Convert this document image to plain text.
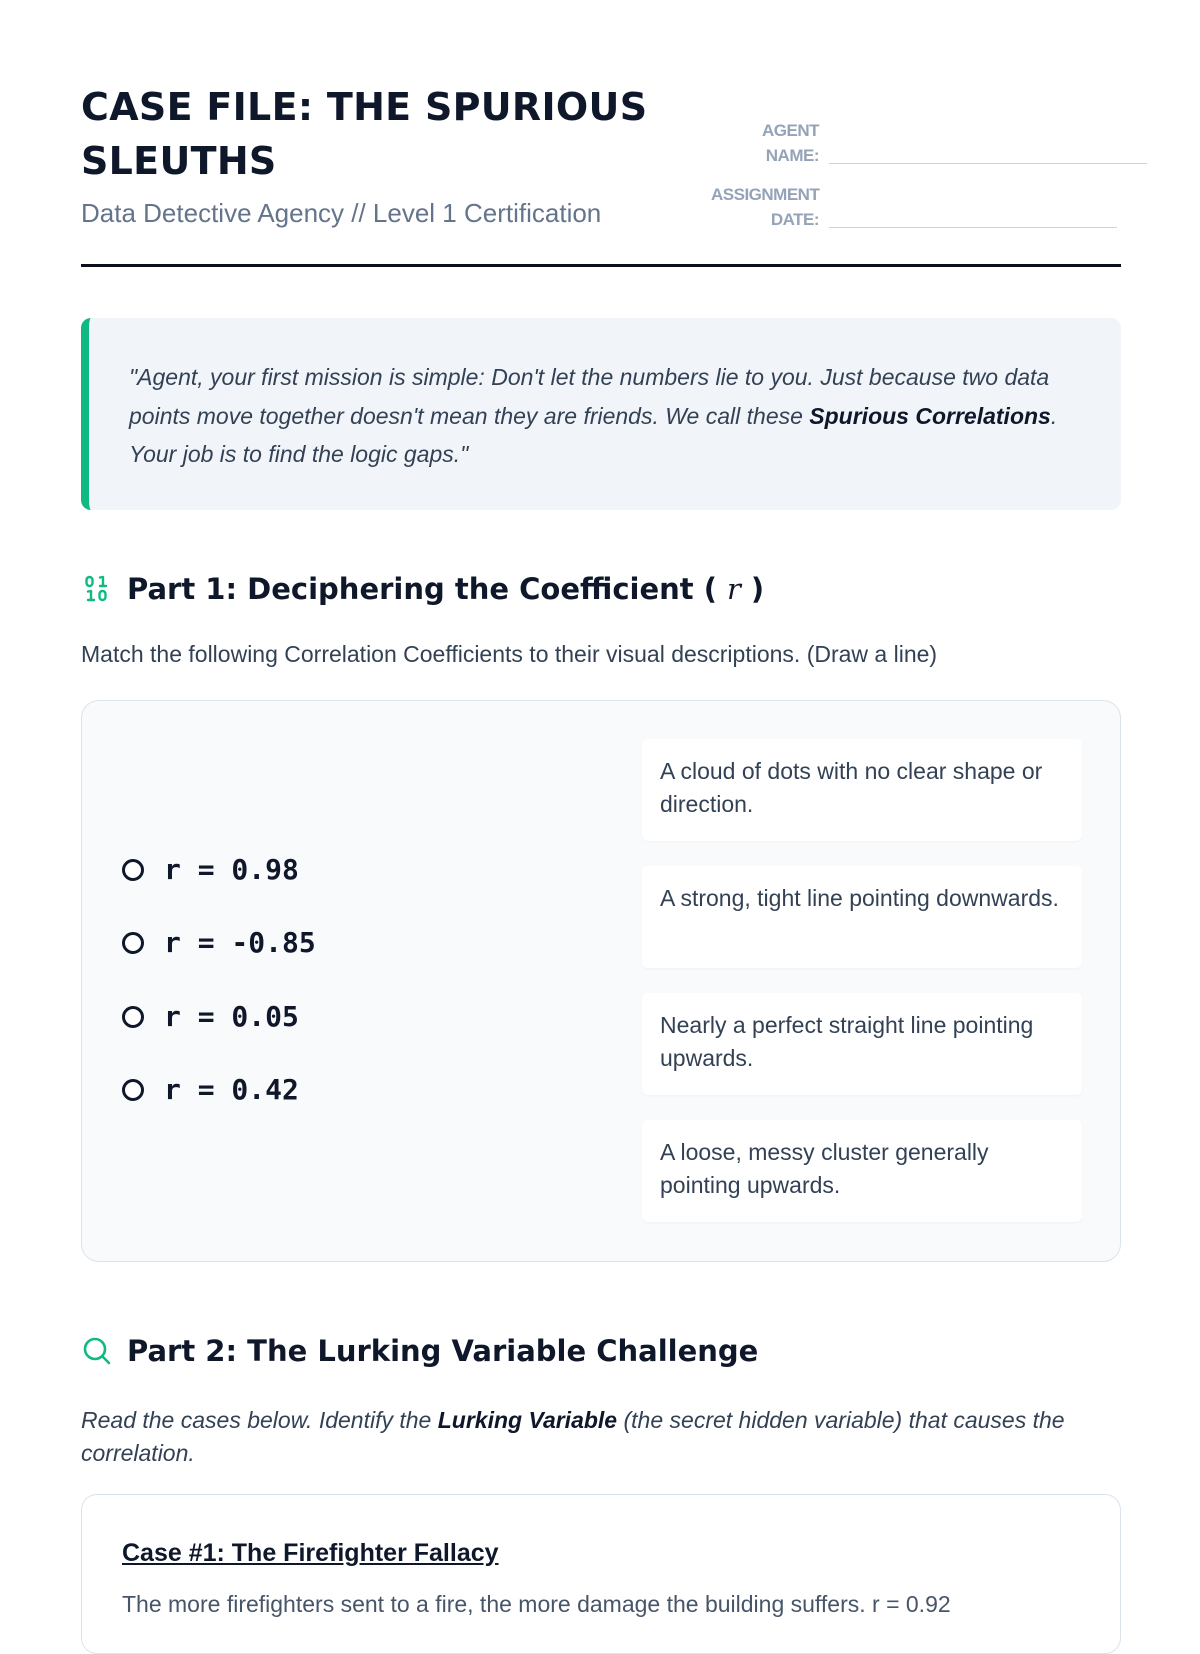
CASE FILE: THE SPURIOUS SLEUTHS

Data Detective Agency // Level 1 Certification

AGENT
NAME:
ASSIGNMENT
DATE:
"Agent, your first mission is simple: Don't let the numbers lie to you. Just because two data points move together doesn't mean they are friends. We call these Spurious Correlations. Your job is to find the logic gaps."
Part 1: Deciphering the Coefficient ( r )
Match the following Correlation Coefficients to their visual descriptions. (Draw a line)
r = 0.98
r = -0.85
r = 0.05
r = 0.42
A cloud of dots with no clear shape or direction.
A strong, tight line pointing downwards.
Nearly a perfect straight line pointing upwards.
A loose, messy cluster generally pointing upwards.
Part 2: The Lurking Variable Challenge
Read the cases below. Identify the Lurking Variable (the secret hidden variable) that causes the correlation.
Case #1: The Firefighter Fallacy
The more firefighters sent to a fire, the more damage the building suffers. r = 0.92
